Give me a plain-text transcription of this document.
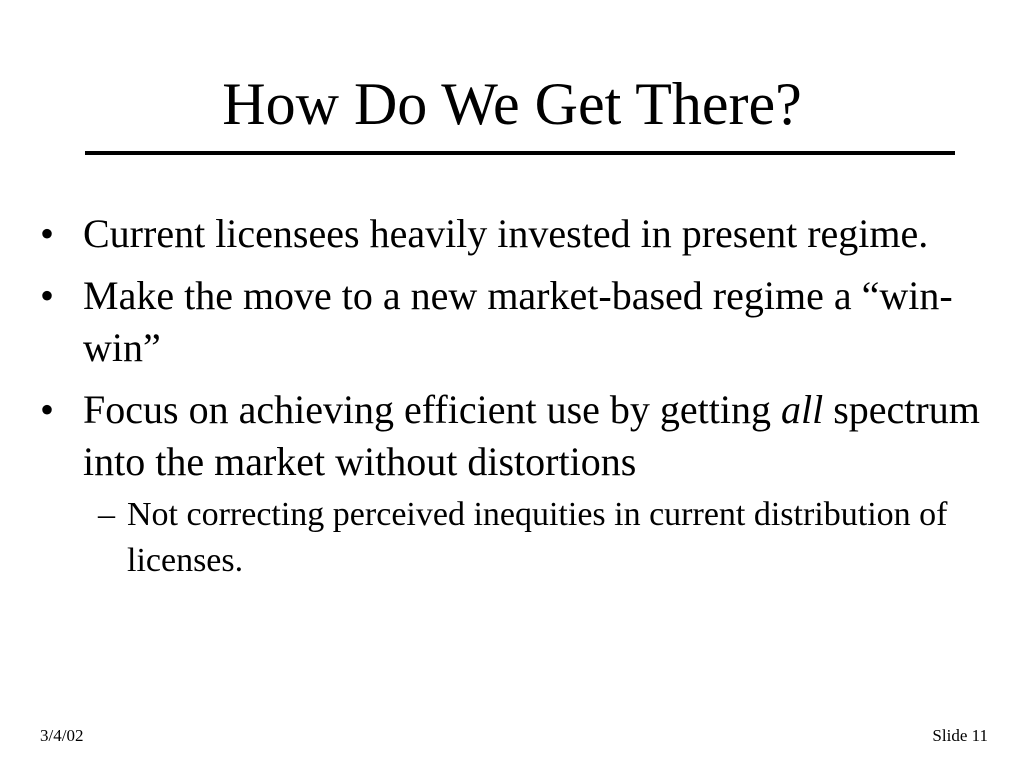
How Do We Get There?

• Current licensees heavily invested in present regime.

• Make the move to a new market-based regime a “win-win”

• Focus on achieving efficient use by getting all spectrum into the market without distortions

– Not correcting perceived inequities in current distribution of licenses.

3/4/02	Slide 11
